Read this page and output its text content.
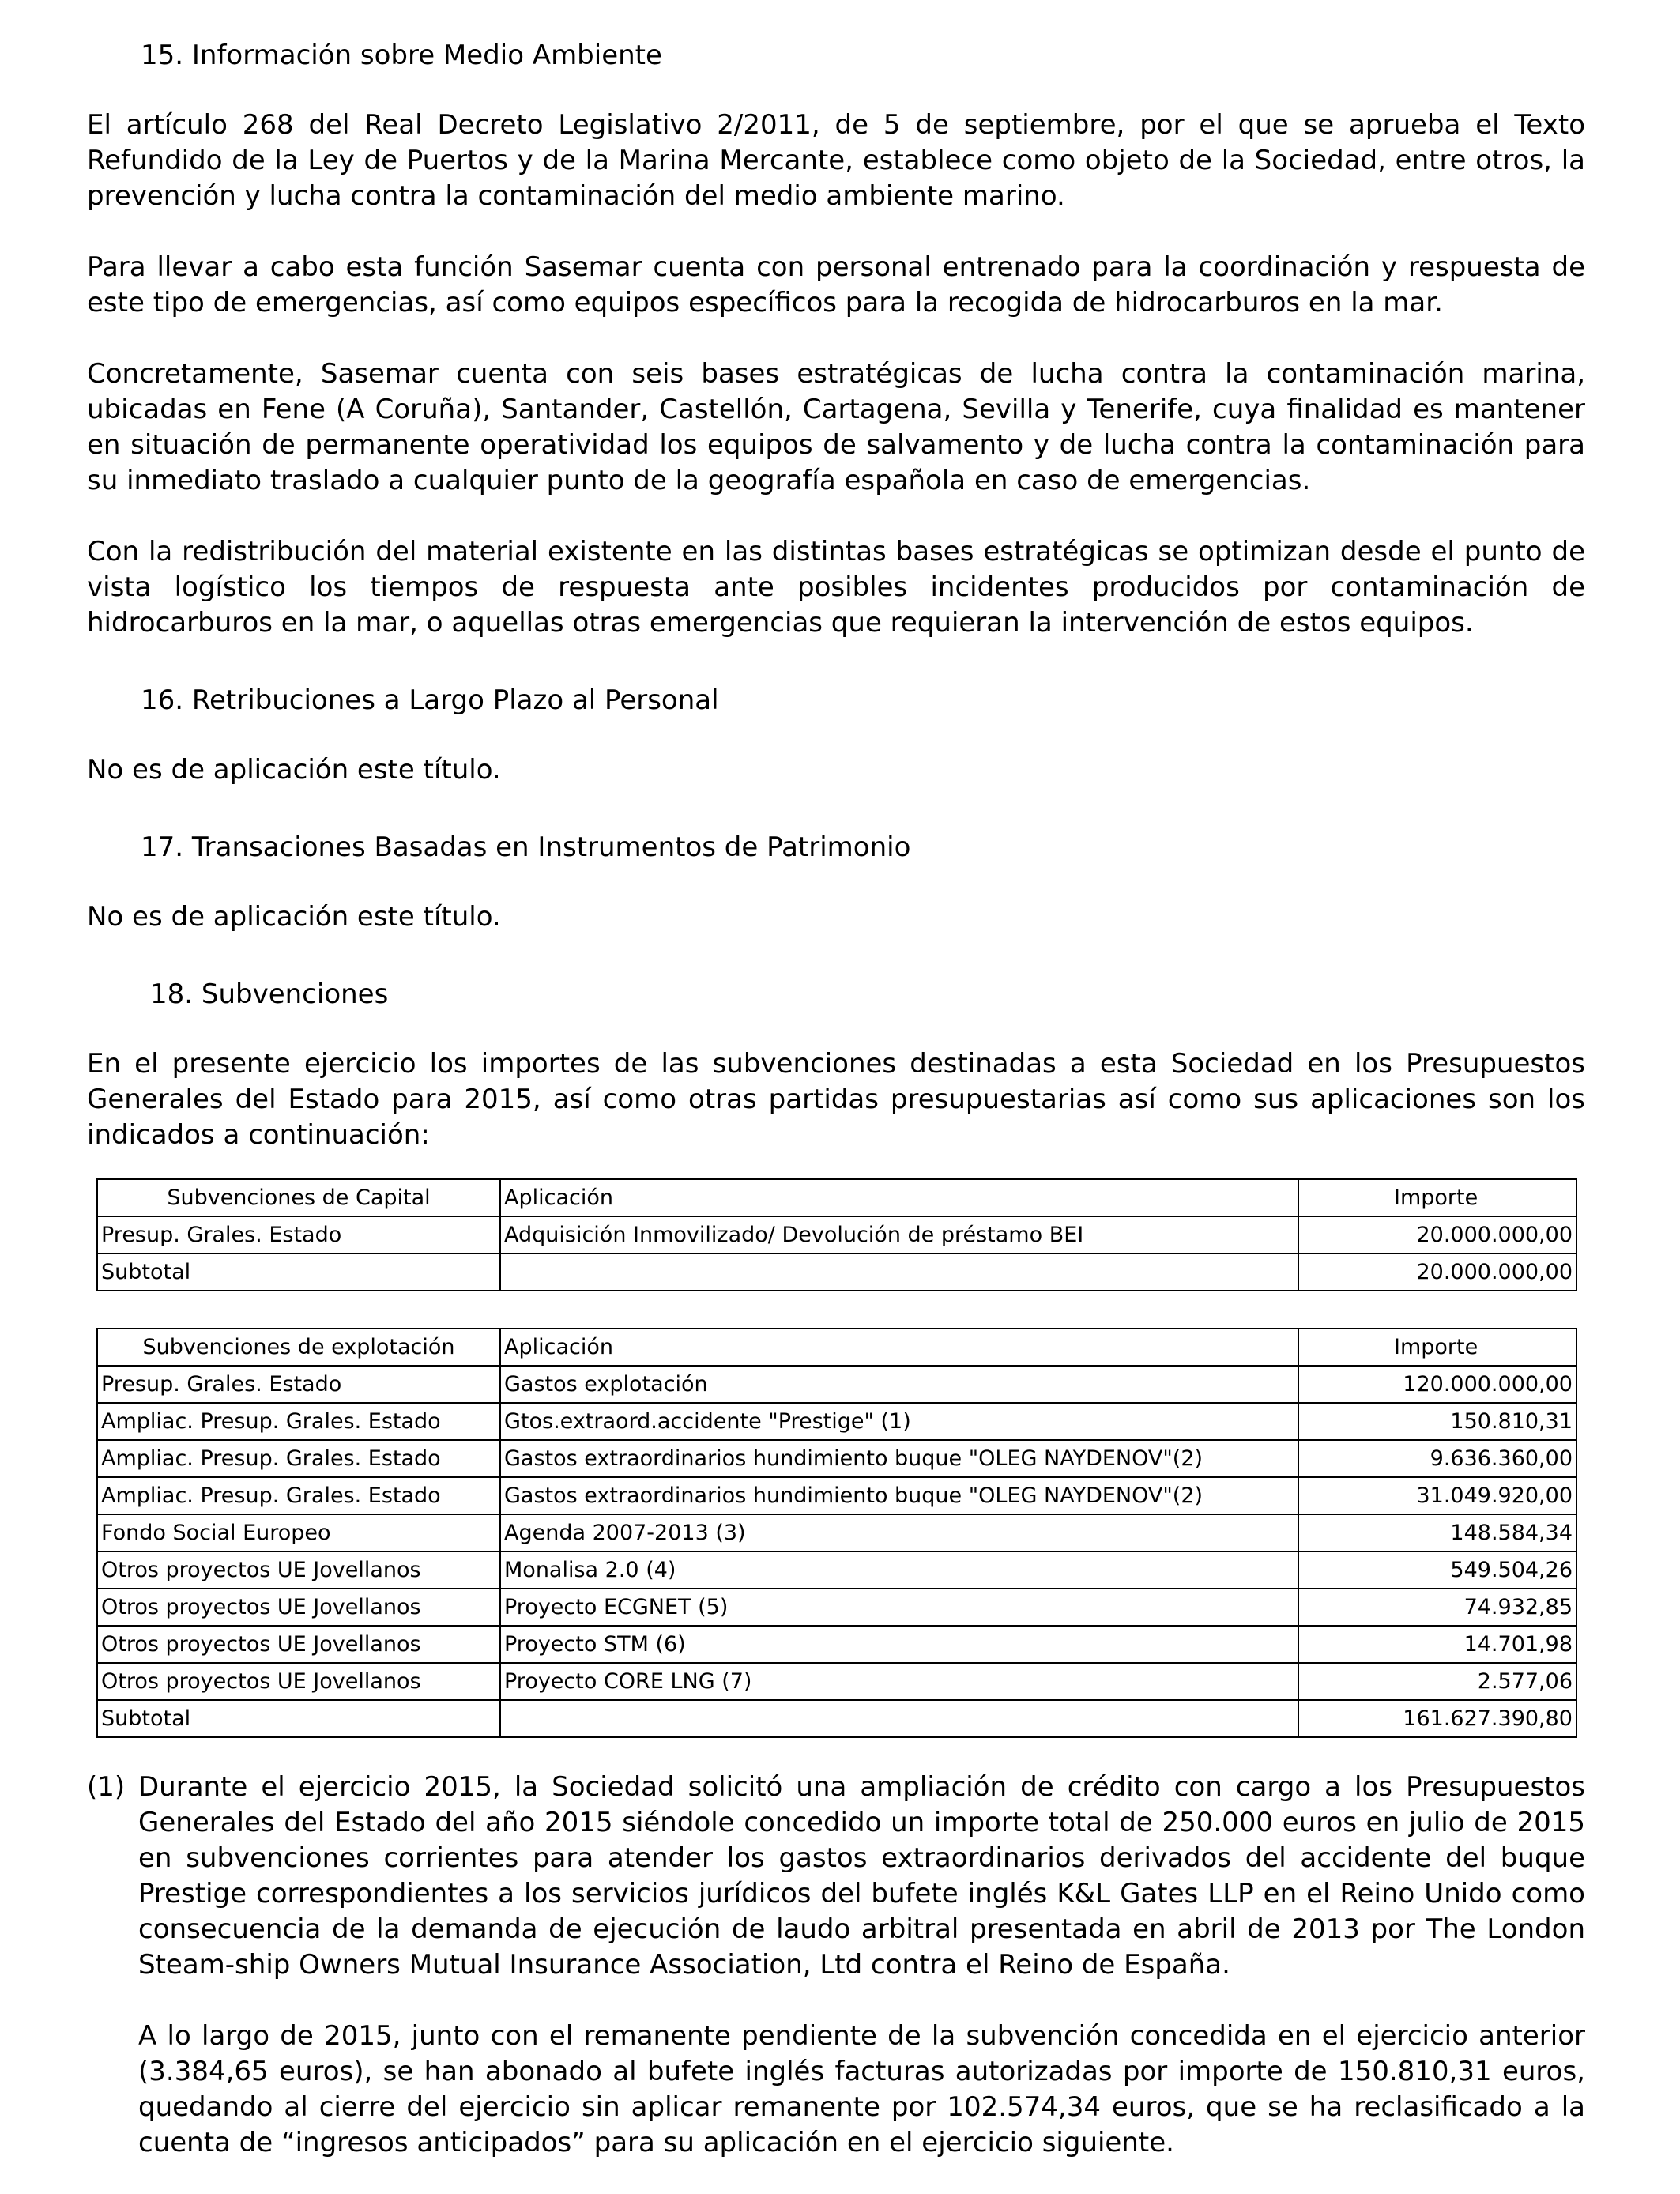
15. Información sobre Medio Ambiente

El artículo 268 del Real Decreto Legislativo 2/2011, de 5 de septiembre, por el que se aprueba el Texto Refundido de la Ley de Puertos y de la Marina Mercante, establece como objeto de la Sociedad, entre otros, la prevención y lucha contra la contaminación del medio ambiente marino.

Para llevar a cabo esta función Sasemar cuenta con personal entrenado para la coordinación y respuesta de este tipo de emergencias, así como equipos específicos para la recogida de hidrocarburos en la mar.

Concretamente, Sasemar cuenta con seis bases estratégicas de lucha contra la contaminación marina, ubicadas en Fene (A Coruña), Santander, Castellón, Cartagena, Sevilla y Tenerife, cuya finalidad es mantener en situación de permanente operatividad los equipos de salvamento y de lucha contra la contaminación para su inmediato traslado a cualquier punto de la geografía española en caso de emergencias.

Con la redistribución del material existente en las distintas bases estratégicas se optimizan desde el punto de vista logístico los tiempos de respuesta ante posibles incidentes producidos por contaminación de hidrocarburos en la mar, o aquellas otras emergencias que requieran la intervención de estos equipos.

16. Retribuciones a Largo Plazo al Personal

No es de aplicación este título.

17. Transaciones Basadas en Instrumentos de Patrimonio

No es de aplicación este título.

18. Subvenciones

En el presente ejercicio los importes de las subvenciones destinadas a esta Sociedad en los Presupuestos Generales del Estado para 2015, así como otras partidas presupuestarias así como sus aplicaciones son los indicados a continuación:

Subvenciones de Capital	Aplicación	Importe
Presup. Grales. Estado	Adquisición Inmovilizado/ Devolución de préstamo BEI	20.000.000,00
Subtotal		20.000.000,00
Subvenciones de explotación	Aplicación	Importe
Presup. Grales. Estado	Gastos explotación	120.000.000,00
Ampliac. Presup. Grales. Estado	Gtos.extraord.accidente "Prestige" (1)	150.810,31
Ampliac. Presup. Grales. Estado	Gastos extraordinarios hundimiento buque "OLEG NAYDENOV"(2)	9.636.360,00
Ampliac. Presup. Grales. Estado	Gastos extraordinarios hundimiento buque "OLEG NAYDENOV"(2)	31.049.920,00
Fondo Social Europeo	Agenda 2007-2013 (3)	148.584,34
Otros proyectos UE Jovellanos	Monalisa 2.0 (4)	549.504,26
Otros proyectos UE Jovellanos	Proyecto ECGNET (5)	74.932,85
Otros proyectos UE Jovellanos	Proyecto STM (6)	14.701,98
Otros proyectos UE Jovellanos	Proyecto CORE LNG (7)	2.577,06
Subtotal		161.627.390,80
(1) Durante el ejercicio 2015, la Sociedad solicitó una ampliación de crédito con cargo a los Presupuestos Generales del Estado del año 2015 siéndole concedido un importe total de 250.000 euros en julio de 2015 en subvenciones corrientes para atender los gastos extraordinarios derivados del accidente del buque Prestige correspondientes a los servicios jurídicos del bufete inglés K&L Gates LLP en el Reino Unido como consecuencia de la demanda de ejecución de laudo arbitral presentada en abril de 2013 por The London Steam-ship Owners Mutual Insurance Association, Ltd contra el Reino de España.

A lo largo de 2015, junto con el remanente pendiente de la subvención concedida en el ejercicio anterior (3.384,65 euros), se han abonado al bufete inglés facturas autorizadas por importe de 150.810,31 euros, quedando al cierre del ejercicio sin aplicar remanente por 102.574,34 euros, que se ha reclasificado a la cuenta de “ingresos anticipados” para su aplicación en el ejercicio siguiente.
